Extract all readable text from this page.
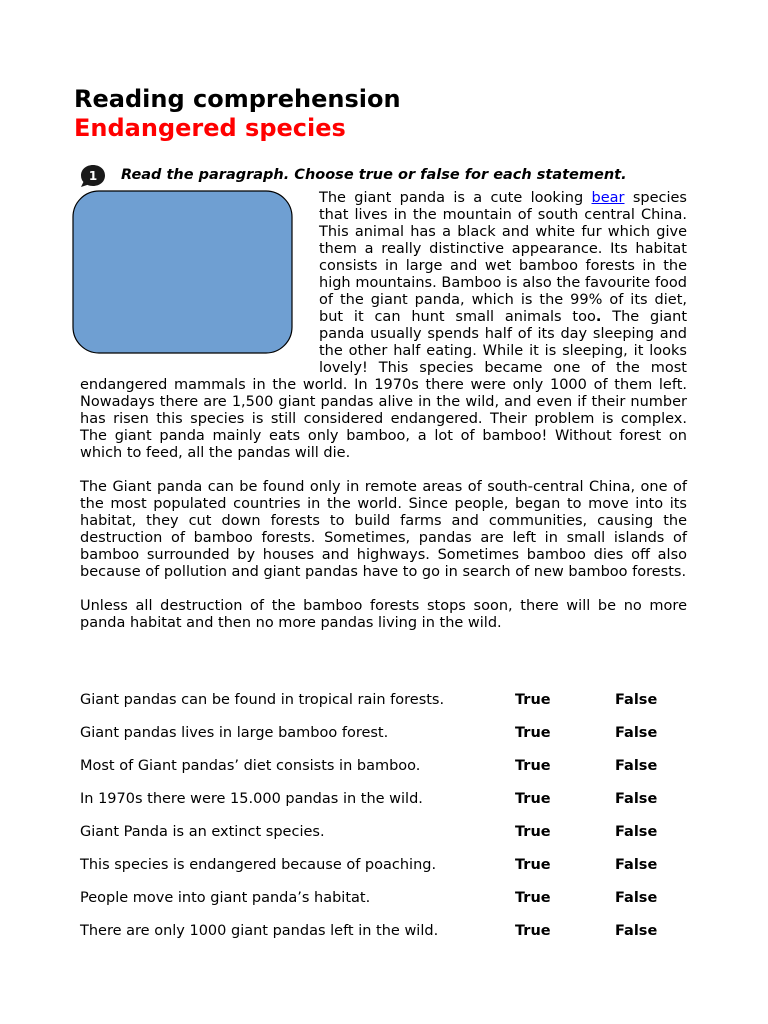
Reading comprehension
Endangered species
1 Read the paragraph. Choose true or false for each statement.

The giant panda is a cute looking bear species that lives in the mountain of south central China. This animal has a black and white fur which give them a really distinctive appearance. Its habitat consists in large and wet bamboo forests in the high mountains. Bamboo is also the favourite food of the giant panda, which is the 99% of its diet, but it can hunt small animals too. The giant panda usually spends half of its day sleeping and the other half eating. While it is sleeping, it looks lovely! This species became one of the most endangered mammals in the world. In 1970s there were only 1000 of them left. Nowadays there are 1,500 giant pandas alive in the wild, and even if their number has risen this species is still considered endangered. Their problem is complex. The giant panda mainly eats only bamboo, a lot of bamboo! Without forest on which to feed, all the pandas will die.

The Giant panda can be found only in remote areas of south-central China, one of the most populated countries in the world. Since people, began to move into its habitat, they cut down forests to build farms and communities, causing the destruction of bamboo forests. Sometimes, pandas are left in small islands of bamboo surrounded by houses and highways. Sometimes bamboo dies off also because of pollution and giant pandas have to go in search of new bamboo forests.

Unless all destruction of the bamboo forests stops soon, there will be no more panda habitat and then no more pandas living in the wild.

Giant pandas can be found in tropical rain forests.	True	False
Giant pandas lives in large bamboo forest.	True	False
Most of Giant pandas’ diet consists in bamboo.	True	False
In 1970s there were 15.000 pandas in the wild.	True	False
Giant Panda is an extinct species.	True	False
This species is endangered because of poaching.	True	False
People move into giant panda’s habitat.	True	False
There are only 1000 giant pandas left in the wild.	True	False
